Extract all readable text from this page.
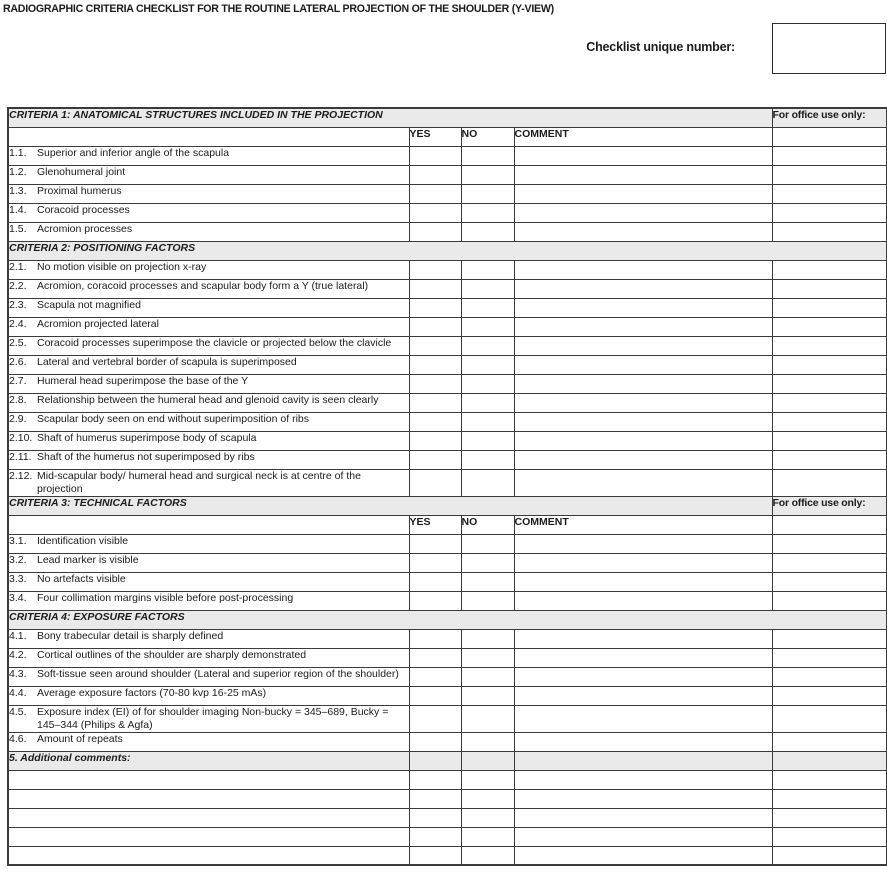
RADIOGRAPHIC CRITERIA CHECKLIST FOR THE ROUTINE LATERAL PROJECTION OF THE SHOULDER (Y-VIEW)
Checklist unique number:
CRITERIA 1: ANATOMICAL STRUCTURES INCLUDED IN THE PROJECTION				For office use only:
	YES	NO	COMMENT	

1.1. Superior and inferior angle of the scapula				

1.2. Glenohumeral joint				

1.3. Proximal humerus				

1.4. Coracoid processes				

1.5. Acromion processes				

CRITERIA 2: POSITIONING FACTORS				

2.1. No motion visible on projection x-ray				

2.2. Acromion, coracoid processes and scapular body form a Y (true lateral)				

2.3. Scapula not magnified				

2.4. Acromion projected lateral				

2.5. Coracoid processes superimpose the clavicle or projected below the clavicle				

2.6. Lateral and vertebral border of scapula is superimposed				

2.7. Humeral head superimpose the base of the Y				

2.8. Relationship between the humeral head and glenoid cavity is seen clearly				

2.9. Scapular body seen on end without superimposition of ribs				

2.10. Shaft of humerus superimpose body of scapula				

2.11. Shaft of the humerus not superimposed by ribs				

2.12. Mid-scapular body/ humeral head and surgical neck is at centre of the projection				

CRITERIA 3: TECHNICAL FACTORS				For office use only:
	YES	NO	COMMENT	

3.1. Identification visible				

3.2. Lead marker is visible				

3.3. No artefacts visible				

3.4. Four collimation margins visible before post-processing				

CRITERIA 4: EXPOSURE FACTORS				

4.1. Bony trabecular detail is sharply defined				

4.2. Cortical outlines of the shoulder are sharply demonstrated				

4.3. Soft-tissue seen around shoulder (Lateral and superior region of the shoulder)				

4.4. Average exposure factors (70-80 kvp 16-25 mAs)				

4.5. Exposure index (EI) of for shoulder imaging Non-bucky = 345–689, Bucky = 145–344 (Philips & Agfa)				

4.6. Amount of repeats				

5. Additional comments:				
